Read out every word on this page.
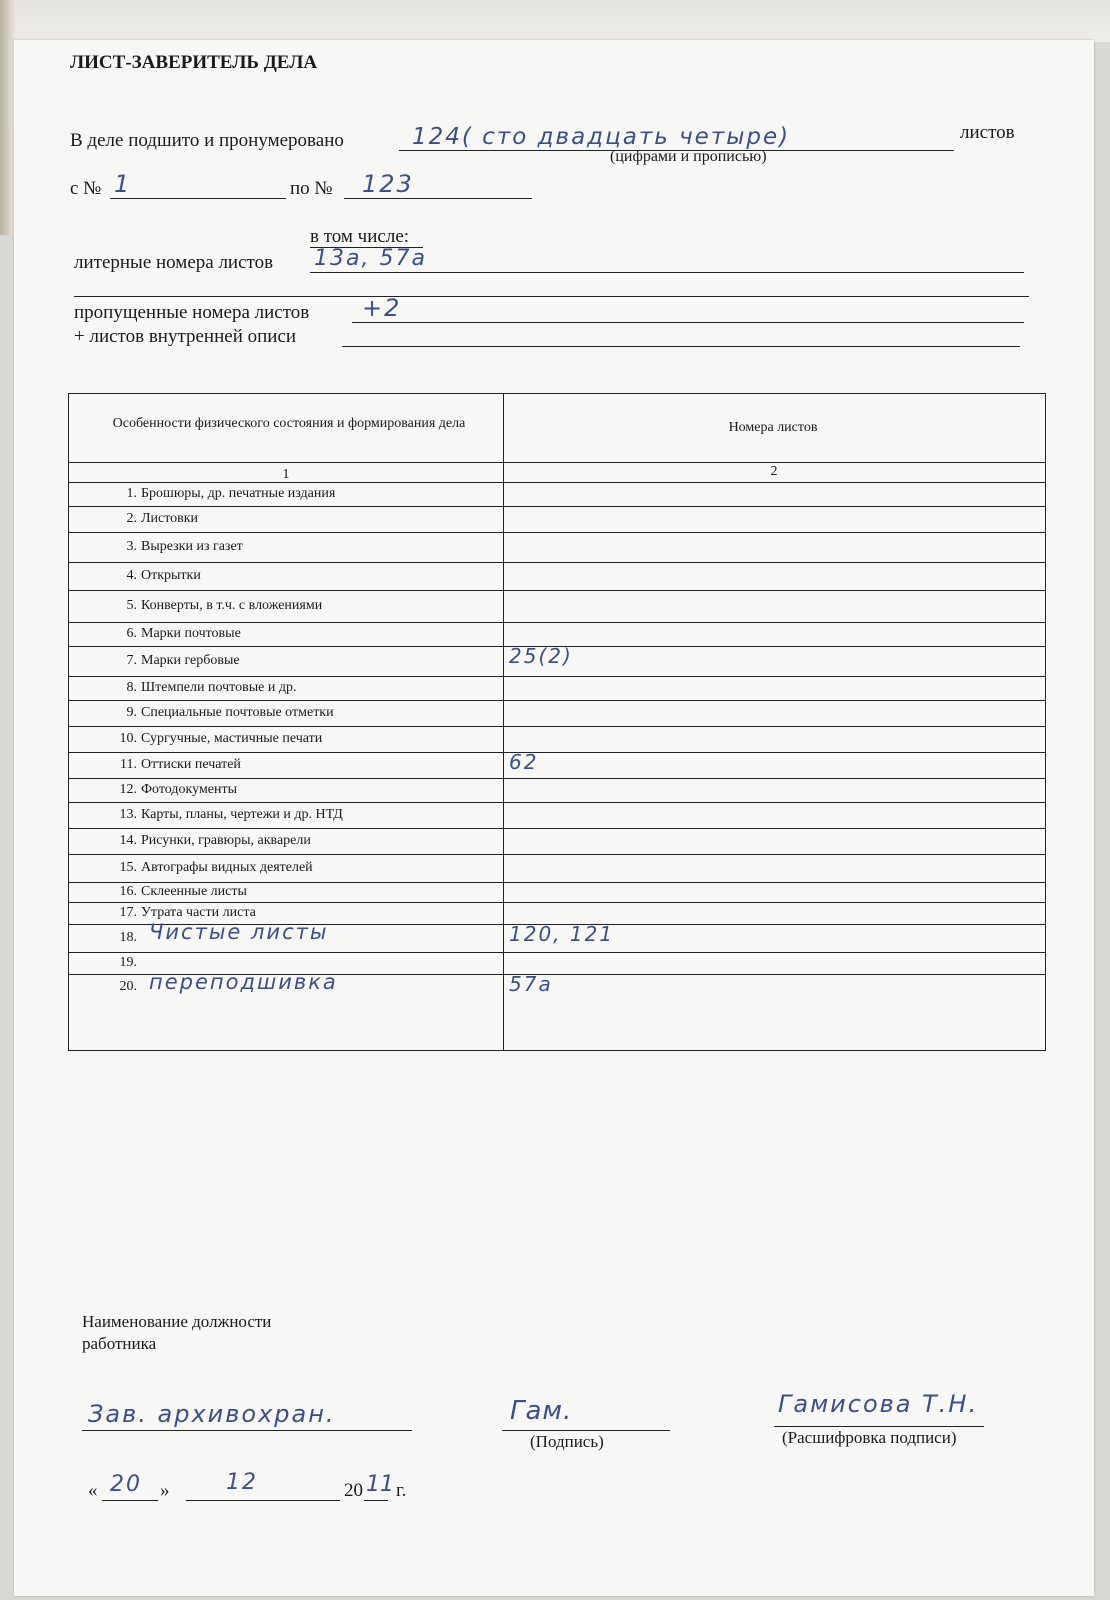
ЛИСТ-ЗАВЕРИТЕЛЬ ДЕЛА
В деле подшито и пронумеровано	124( сто двадцать четыре)	листов
(цифрами и прописью)
с № 1	по № 123
в том числе:
литерные номера листов 13а, 57а
пропущенные номера листов +2
+ листов внутренней описи
Особенности физического состояния и формирования дела	Номера листов
1	2
1. Брошюры, др. печатные издания
2. Листовки
3. Вырезки из газет
4. Открытки
5. Конверты, в т.ч. с вложениями
6. Марки почтовые
7. Марки гербовые	25(2)
8. Штемпели почтовые и др.
9. Специальные почтовые отметки
10. Сургучные, мастичные печати
11. Оттиски печатей	62
12. Фотодокументы
13. Карты, планы, чертежи и др. НТД
14. Рисунки, гравюры, акварели
15. Автографы видных деятелей
16. Склеенные листы
17. Утрата части листа
18. Чистые листы	120, 121
19.
20. переподшивка	57а
Наименование должности
работника
Зав. архивохран.	Гам.
(Подпись)
Гамисова Т.Н.
(Расшифровка подписи)
« 20 »	12	20 11 г.
